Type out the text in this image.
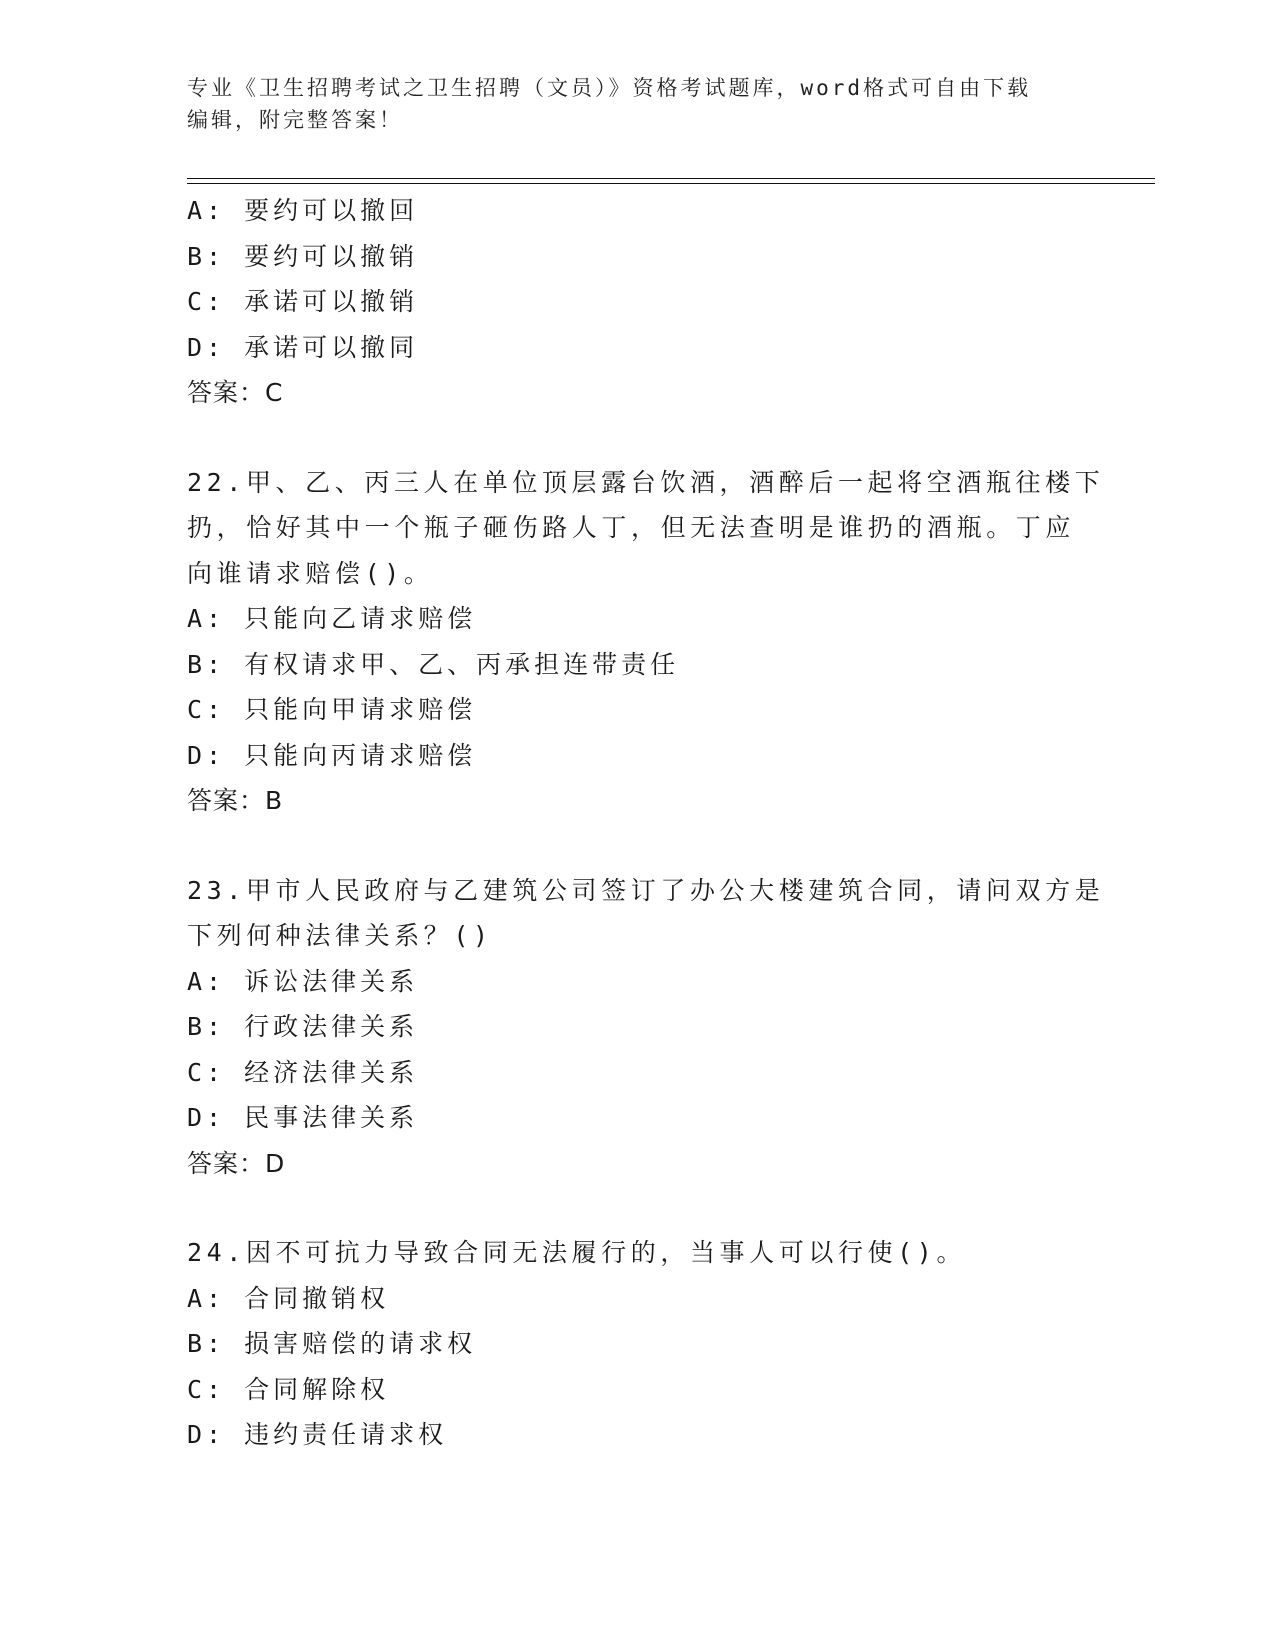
专业《卫生招聘考试之卫生招聘（文员）》资格考试题库，word格式可自由下载
编辑，附完整答案！
A: 要约可以撤回
B: 要约可以撤销
C: 承诺可以撤销
D: 承诺可以撤同
答案：C
22.甲、乙、丙三人在单位顶层露台饮酒，酒醉后一起将空酒瓶往楼下
扔，恰好其中一个瓶子砸伤路人丁，但无法查明是谁扔的酒瓶。丁应
向谁请求赔偿()。
A: 只能向乙请求赔偿
B: 有权请求甲、乙、丙承担连带责任
C: 只能向甲请求赔偿
D: 只能向丙请求赔偿
答案：B
23.甲市人民政府与乙建筑公司签订了办公大楼建筑合同，请问双方是
下列何种法律关系？()
A: 诉讼法律关系
B: 行政法律关系
C: 经济法律关系
D: 民事法律关系
答案：D
24.因不可抗力导致合同无法履行的，当事人可以行使()。
A: 合同撤销权
B: 损害赔偿的请求权
C: 合同解除权
D: 违约责任请求权
